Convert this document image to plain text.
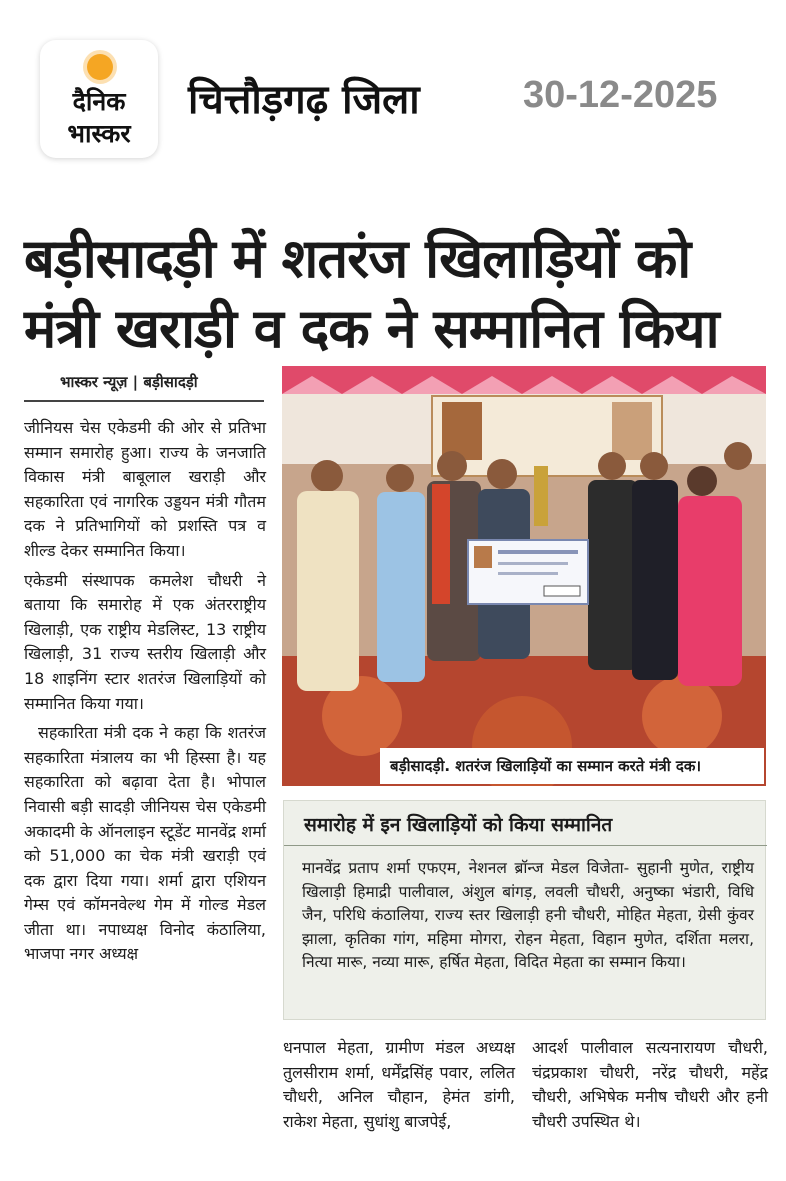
दैनिक
भास्कर
चित्तौड़गढ़ जिला	30-12-2025
बड़ीसादड़ी में शतरंज खिलाड़ियों को
मंत्री खराड़ी व दक ने सम्मानित किया
भास्कर न्यूज़ | बड़ीसादड़ी

जीनियस चेस एकेडमी की ओर से प्रतिभा सम्मान समारोह हुआ। राज्य के जनजाति विकास मंत्री बाबूलाल खराड़ी और सहकारिता एवं नागरिक उड्डयन मंत्री गौतम दक ने प्रतिभागियों को प्रशस्ति पत्र व शील्ड देकर सम्मानित किया।

एकेडमी संस्थापक कमलेश चौधरी ने बताया कि समारोह में एक अंतरराष्ट्रीय खिलाड़ी, एक राष्ट्रीय मेडलिस्ट, 13 राष्ट्रीय खिलाड़ी, 31 राज्य स्तरीय खिलाड़ी और 18 शाइनिंग स्टार शतरंज खिलाड़ियों को सम्मानित किया गया।

सहकारिता मंत्री दक ने कहा कि शतरंज सहकारिता मंत्रालय का भी हिस्सा है। यह सहकारिता को बढ़ावा देता है। भोपाल निवासी बड़ी सादड़ी जीनियस चेस एकेडमी अकादमी के ऑनलाइन स्टूडेंट मानवेंद्र शर्मा को 51,000 का चेक मंत्री खराड़ी एवं दक द्वारा दिया गया। शर्मा द्वारा एशियन गेम्स एवं कॉमनवेल्थ गेम में गोल्ड मेडल जीता था। नपाध्यक्ष विनोद कंठालिया, भाजपा नगर अध्यक्ष

बड़ीसादड़ी. शतरंज खिलाड़ियों का सम्मान करते मंत्री दक।
समारोह में इन खिलाड़ियों को किया सम्मानित
मानवेंद्र प्रताप शर्मा एफएम, नेशनल ब्रॉन्ज मेडल विजेता- सुहानी मुणेत, राष्ट्रीय खिलाड़ी हिमाद्री पालीवाल, अंशुल बांगड़, लवली चौधरी, अनुष्का भंडारी, विधि जैन, परिधि कंठालिया, राज्य स्तर खिलाड़ी हनी चौधरी, मोहित मेहता, ग्रेसी कुंवर झाला, कृतिका गांग, महिमा मोगरा, रोहन मेहता, विहान मुणेत, दर्शिता मलरा, नित्या मारू, नव्या मारू, हर्षित मेहता, विदित मेहता का सम्मान किया।
धनपाल मेहता, ग्रामीण मंडल अध्यक्ष तुलसीराम शर्मा, धर्मेंद्रसिंह पवार, ललित चौधरी, अनिल चौहान, हेमंत डांगी, राकेश मेहता, सुधांशु बाजपेई,
आदर्श पालीवाल सत्यनारायण चौधरी, चंद्रप्रकाश चौधरी, नरेंद्र चौधरी, महेंद्र चौधरी, अभिषेक मनीष चौधरी और हनी चौधरी उपस्थित थे।
